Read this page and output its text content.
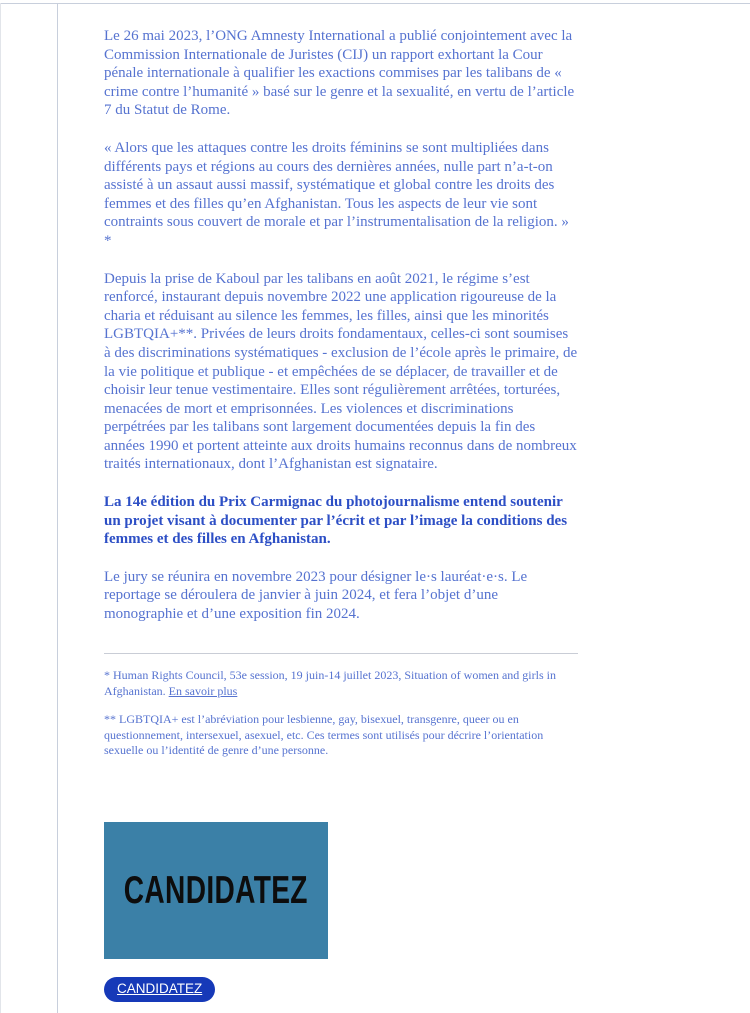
Le 26 mai 2023, l’ONG Amnesty International a publié conjointement avec la Commission Internationale de Juristes (CIJ) un rapport exhortant la Cour pénale internationale à qualifier les exactions commises par les talibans de « crime contre l’humanité » basé sur le genre et la sexualité, en vertu de l’article 7 du Statut de Rome.

« Alors que les attaques contre les droits féminins se sont multipliées dans différents pays et régions au cours des dernières années, nulle part n’a-t-on assisté à un assaut aussi massif, systématique et global contre les droits des femmes et des filles qu’en Afghanistan. Tous les aspects de leur vie sont contraints sous couvert de morale et par l’instrumentalisation de la religion. » *

Depuis la prise de Kaboul par les talibans en août 2021, le régime s’est renforcé, instaurant depuis novembre 2022 une application rigoureuse de la charia et réduisant au silence les femmes, les filles, ainsi que les minorités LGBTQIA+**. Privées de leurs droits fondamentaux, celles-ci sont soumises à des discriminations systématiques - exclusion de l’école après le primaire, de la vie politique et publique - et empêchées de se déplacer, de travailler et de choisir leur tenue vestimentaire. Elles sont régulièrement arrêtées, torturées, menacées de mort et emprisonnées. Les violences et discriminations perpétrées par les talibans sont largement documentées depuis la fin des années 1990 et portent atteinte aux droits humains reconnus dans de nombreux traités internationaux, dont l’Afghanistan est signataire.

La 14e édition du Prix Carmignac du photojournalisme entend soutenir un projet visant à documenter par l’écrit et par l’image la conditions des femmes et des filles en Afghanistan.

Le jury se réunira en novembre 2023 pour désigner le·s lauréat·e·s. Le reportage se déroulera de janvier à juin 2024, et fera l’objet d’une monographie et d’une exposition fin 2024.

* Human Rights Council, 53e session, 19 juin-14 juillet 2023, Situation of women and girls in Afghanistan. En savoir plus

** LGBTQIA+ est l’abréviation pour lesbienne, gay, bisexuel, transgenre, queer ou en questionnement, intersexuel, asexuel, etc. Ces termes sont utilisés pour décrire l’orientation sexuelle ou l’identité de genre d’une personne.

CANDIDATEZ
CANDIDATEZ
